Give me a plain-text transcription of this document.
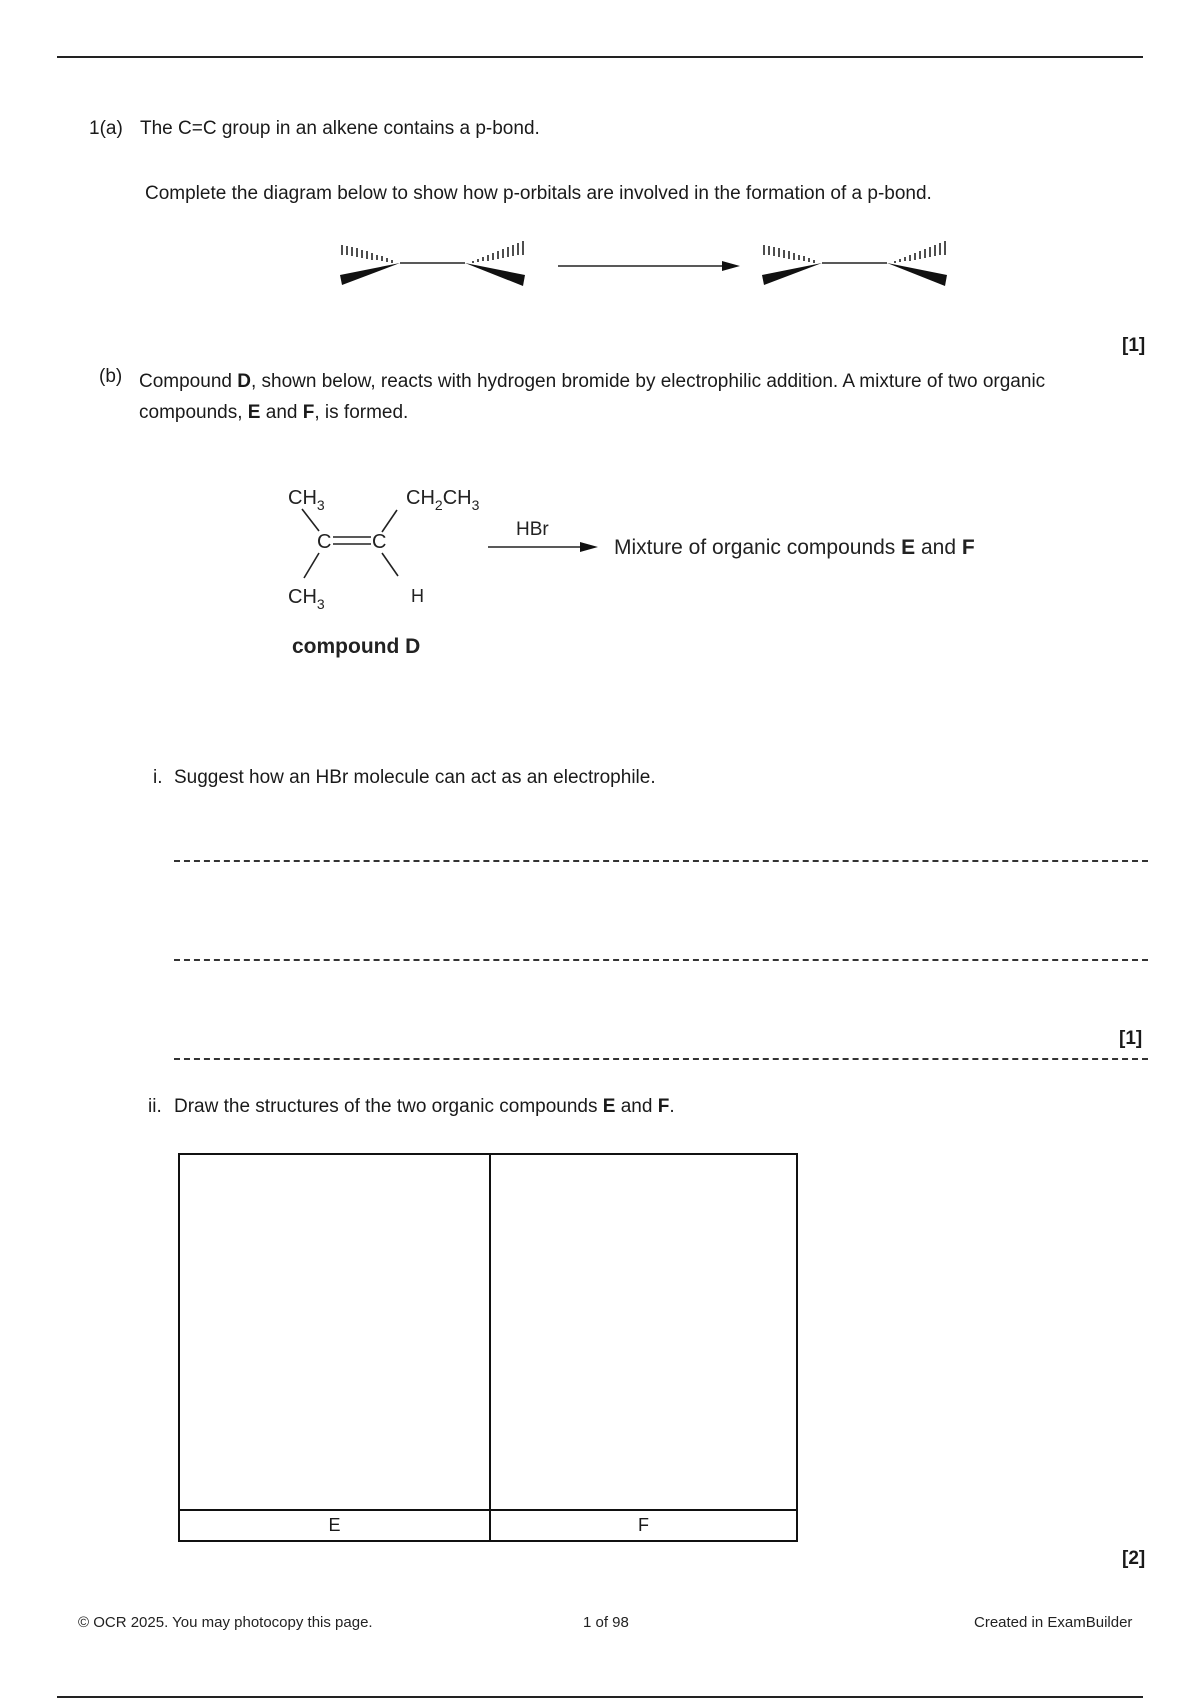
1(a) The C=C group in an alkene contains a p-bond.
Complete the diagram below to show how p-orbitals are involved in the formation of a p-bond.
[1]
(b) Compound D, shown below, reacts with hydrogen bromide by electrophilic addition. A mixture of two organic compounds, E and F, is formed.
$CH_3$	$CH_2CH_3$
C C
$CH_3$	H
HBr
Mixture of organic compounds E and F
compound D
i. Suggest how an HBr molecule can act as an electrophile.
[1]
ii. Draw the structures of the two organic compounds E and F.
E	F
[2]
© OCR 2025. You may photocopy this page.	1 of 98	Created in ExamBuilder
